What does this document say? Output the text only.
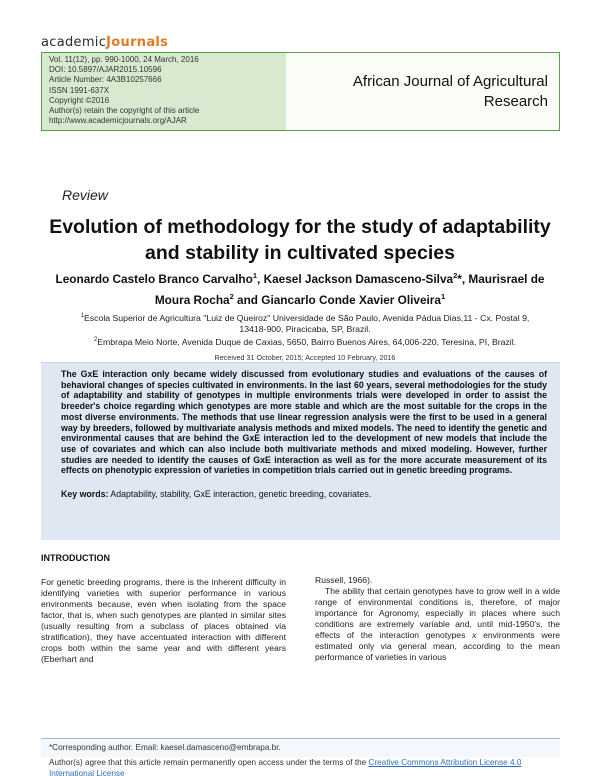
academicJournals
Vol. 11(12), pp. 990-1000, 24 March, 2016
DOI: 10.5897/AJAR2015.10596
Article Number: 4A3B10257666
ISSN 1991-637X
Copyright ©2016
Author(s) retain the copyright of this article
http://www.academicjournals.org/AJAR
African Journal of Agricultural
Research
Review
Evolution of methodology for the study of adaptability
and stability in cultivated species
Leonardo Castelo Branco Carvalho$^1$, Kaesel Jackson Damasceno-Silva$^2$*, Maurisrael de
Moura Rocha$^2$ and Giancarlo Conde Xavier Oliveira$^1$
$^1$Escola Superior de Agricultura "Luiz de Queiroz" Universidade de São Paulo, Avenida Pádua Dias,11 - Cx. Postal 9,
13418-900, Piracicaba, SP, Brazil.
$^2$Embrapa Meio Norte, Avenida Duque de Caxias, 5650, Bairro Buenos Aires, 64,006-220, Teresina, PI, Brazil.
Received 31 October, 2015; Accepted 10 February, 2016

The GxE interaction only became widely discussed from evolutionary studies and evaluations of the causes of behavioral changes of species cultivated in environments. In the last 60 years, several methodologies for the study of adaptability and stability of genotypes in multiple environments trials were developed in order to assist the breeder's choice regarding which genotypes are more stable and which are the most suitable for the crops in the most diverse environments. The methods that use linear regression analysis were the first to be used in a general way by breeders, followed by multivariate analysis methods and mixed models. The need to identify the genetic and environmental causes that are behind the GxE interaction led to the development of new models that include the use of covariates and which can also include both multivariate methods and mixed modeling. However, further studies are needed to identify the causes of GxE interaction as well as for the more accurate measurement of its effects on phenotypic expression of varieties in competition trials carried out in genetic breeding programs.

Key words: Adaptability, stability, GxE interaction, genetic breeding, covariates.
INTRODUCTION

For genetic breeding programs, there is the inherent difficulty in identifying varieties with superior performance in various environments because, even when isolating from the space factor, that is, when such genotypes are planted in similar sites (usually resulting from a subclass of places obtained via stratification), they have accentuated interaction with different crops both within the same year and with different years (Eberhart and

Russell, 1966).

The ability that certain genotypes have to grow well in a wide range of environmental conditions is, therefore, of major importance for Agronomy, especially in places where such conditions are extremely variable and, until mid-1950's, the effects of the interaction genotypes x environments were estimated only via general mean, according to the mean performance of varieties in various

*Corresponding author. Email: kaesel.damasceno@embrapa.br.
Author(s) agree that this article remain permanently open access under the terms of the Creative Commons Attribution License 4.0 International License
